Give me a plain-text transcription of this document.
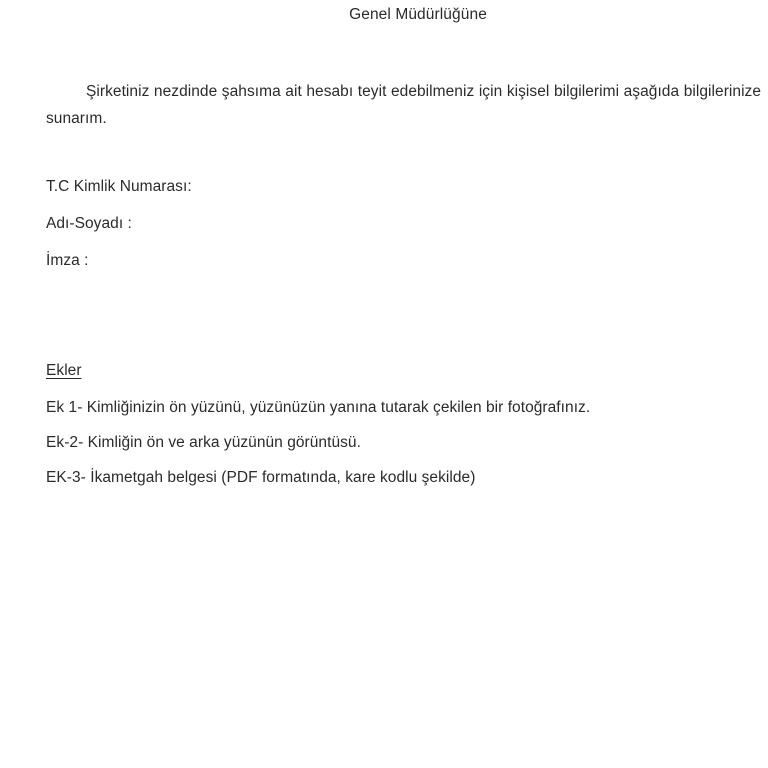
Genel Müdürlüğüne
Şirketiniz nezdinde şahsıma ait hesabı teyit edebilmeniz için kişisel bilgilerimi aşağıda bilgilerinize sunarım.
T.C Kimlik Numarası:
Adı-Soyadı :
İmza :
Ekler
Ek 1- Kimliğinizin ön yüzünü, yüzünüzün yanına tutarak çekilen bir fotoğrafınız.
Ek-2- Kimliğin ön ve arka yüzünün görüntüsü.
EK-3- İkametgah belgesi (PDF formatında, kare kodlu şekilde)
